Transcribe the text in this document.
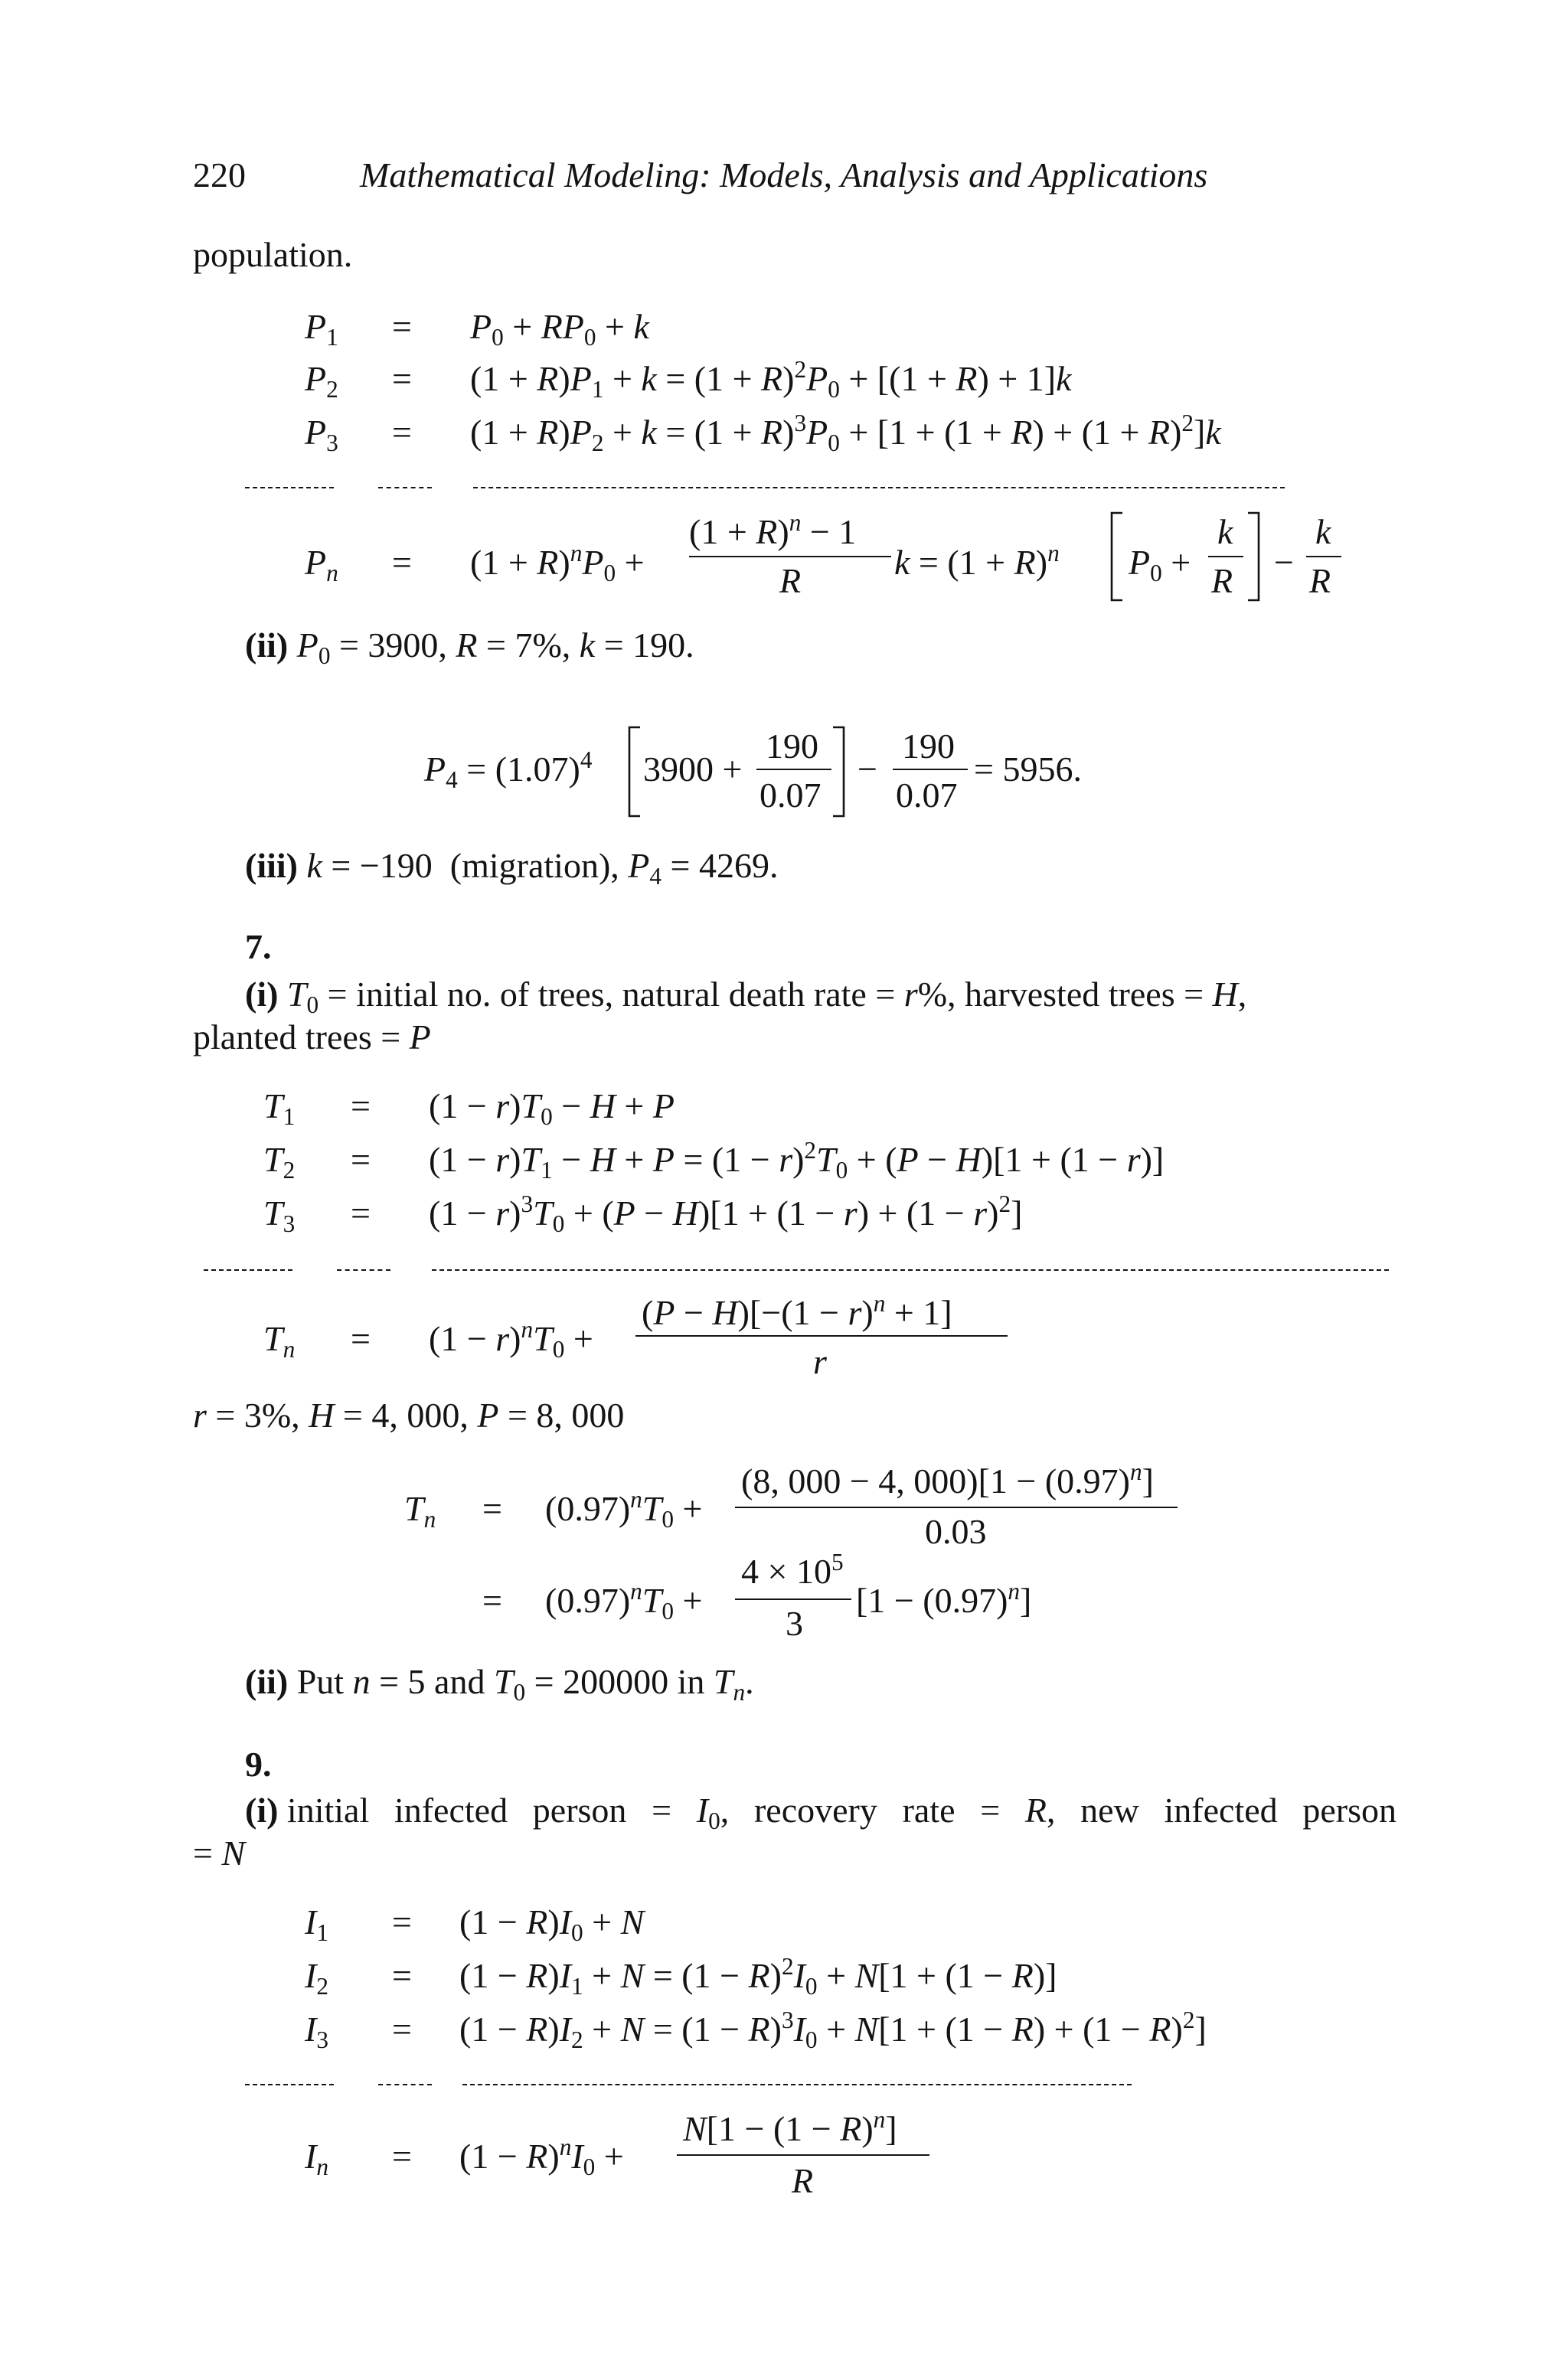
220	Mathematical Modeling: Models, Analysis and Applications
population.
$P_1 = P_0 + RP_0 + k$
$P_2 = (1 + R)P_1 + k = (1 + R)^2P_0 + [(1 + R) + 1]k$
$P_3 = (1 + R)P_2 + k = (1 + R)^3P_0 + [1 + (1 + R) + (1 + R)^2]k$
$P_n = (1 + R)^nP_0$ +
$(1 + R)^n - 1$
R	$k = (1 + R)^n$ $P_0$ +
k
R −
k
R
(ii) $P_0 = 3900$, R = 7%, k = 190.
$P_4 = (1.07)^4$ 3900 +
190
0.07
−
190
0.07
= 5956.
(iii) k = −190  (migration), $P_4 = 4269$.
7.
(i) $T_0$ = initial no. of trees, natural death rate = r%, harvested trees = H,
planted trees = P
$T_1 = (1 - r)T_0 - H + P$
$T_2 = (1 - r)T_1 - H + P = (1 - r)^2T_0 + (P - H)[1 + (1 - r)]$
$T_3 = (1 - r)^3T_0 + (P - H)[1 + (1 - r) + (1 - r)^2]$
$T_n = (1 - r)^nT_0$ +
$(P - H)[-(1 - r)^n + 1]$
r
r = 3%, H = 4, 000, P = 8, 000
$T_n = (0.97)^nT_0$ +
(8, 000 − 4, $000)[1 - (0.97)^n]$
0.03
= $(0.97)^nT_0$ +
$4 \times 10^5$
3
$[1 - (0.97)^n]$
(ii) Put n = 5 and $T_0 = 200000$ in $T_n$.
9.
(i) initial infected person = $I_0$, recovery rate = R, new infected person
= N
$I_1 = (1 - R)I_0 + N$
$I_2 = (1 - R)I_1 + N = (1 - R)^2I_0 + N[1 + (1 - R)]$
$I_3 = (1 - R)I_2 + N = (1 - R)^3I_0 + N[1 + (1 - R) + (1 - R)^2]$
$I_n = (1 - R)^nI_0$ +
$N[1 - (1 - R)^n]$
R
